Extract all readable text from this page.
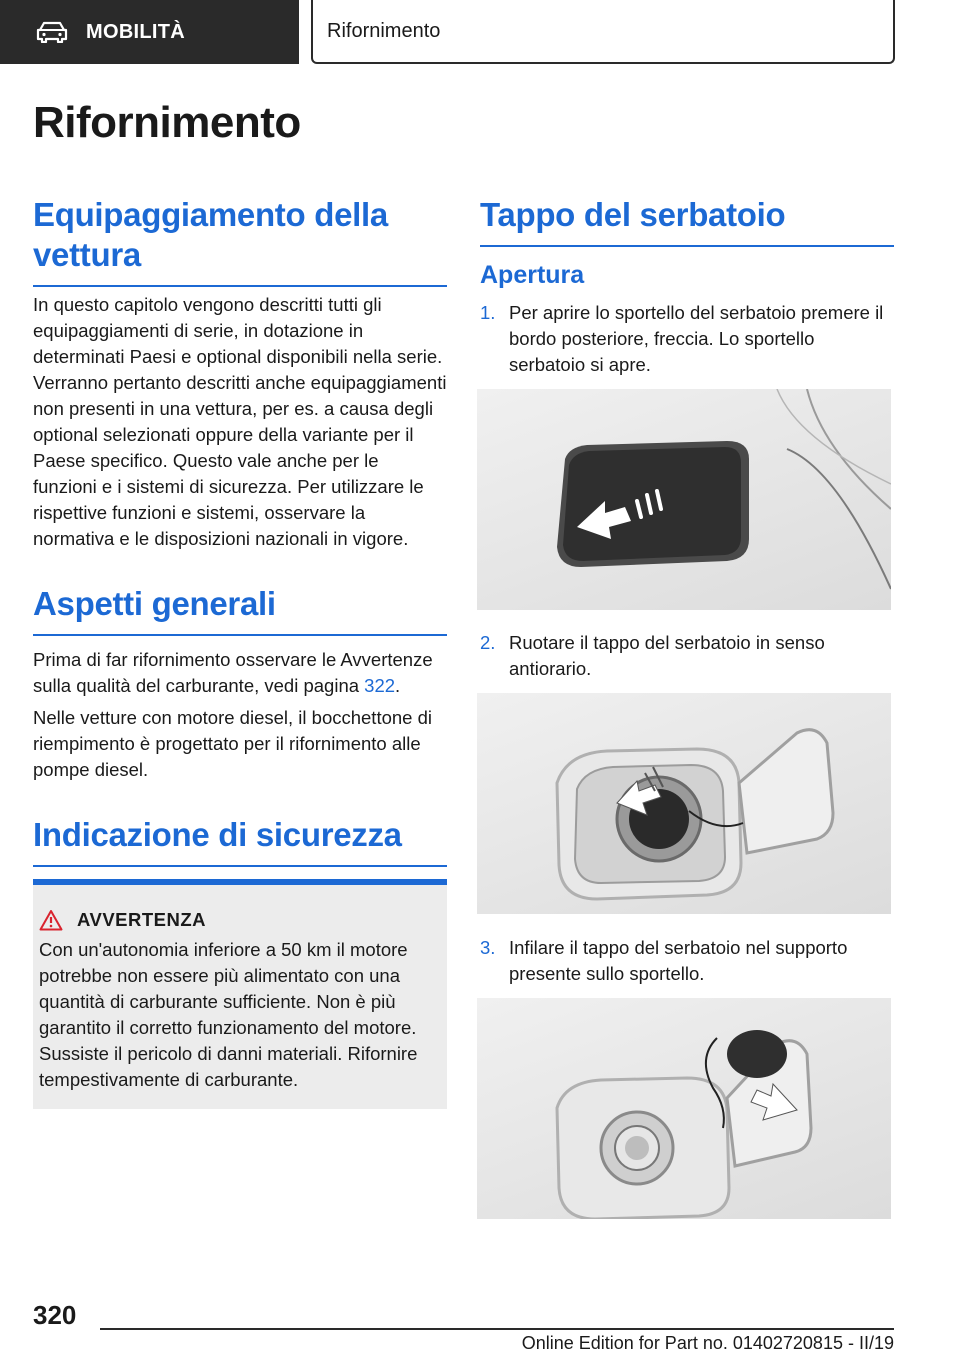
MOBILITÀ	Rifornimento
Rifornimento
Equipaggiamento della vettura

In questo capitolo vengono descritti tutti gli equipaggiamenti di serie, in dotazione in determinati Paesi e optional disponibili nella serie. Verranno pertanto descritti anche equipaggiamenti non presenti in una vettura, per es. a causa degli optional selezionati oppure della variante per il Paese specifico. Questo vale anche per le funzioni e i sistemi di sicurezza. Per utilizzare le rispettive funzioni e sistemi, osservare la normativa e le disposizioni nazionali in vigore.

Aspetti generali

Prima di far rifornimento osservare le Avvertenze sulla qualità del carburante, vedi pagina 322.

Nelle vetture con motore diesel, il bocchettone di riempimento è progettato per il rifornimento alle pompe diesel.

Indicazione di sicurezza
AVVERTENZA

Con un'autonomia inferiore a 50 km il motore potrebbe non essere più alimentato con una quantità di carburante sufficiente. Non è più garantito il corretto funzionamento del motore. Sussiste il pericolo di danni materiali. Rifornire tempestivamente di carburante.

Tappo del serbatoio
Apertura
1. Per aprire lo sportello del serbatoio premere il bordo posteriore, freccia. Lo sportello serbatoio si apre.
2. Ruotare il tappo del serbatoio in senso antiorario.
3. Infilare il tappo del serbatoio nel supporto presente sullo sportello.
320
Online Edition for Part no. 01402720815 - II/19
